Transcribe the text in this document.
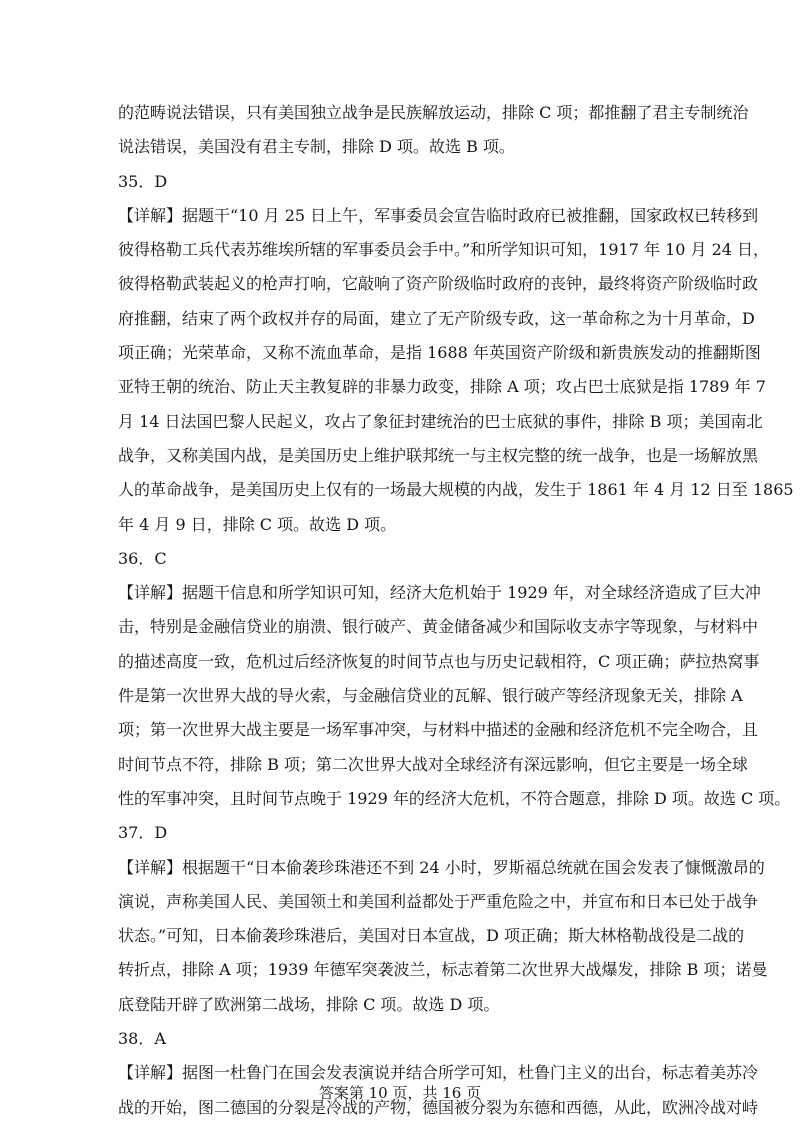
的范畴说法错误，只有美国独立战争是民族解放运动，排除 C 项；都推翻了君主专制统治
说法错误，美国没有君主专制，排除 D 项。故选 B 项。
35．D
【详解】据题干“10 月 25 日上午，军事委员会宣告临时政府已被推翻，国家政权已转移到
彼得格勒工兵代表苏维埃所辖的军事委员会手中。”和所学知识可知，1917 年 10 月 24 日，
彼得格勒武装起义的枪声打响，它敲响了资产阶级临时政府的丧钟，最终将资产阶级临时政
府推翻，结束了两个政权并存的局面，建立了无产阶级专政，这一革命称之为十月革命，D
项正确；光荣革命，又称不流血革命，是指 1688 年英国资产阶级和新贵族发动的推翻斯图
亚特王朝的统治、防止天主教复辟的非暴力政变，排除 A 项；攻占巴士底狱是指 1789 年 7
月 14 日法国巴黎人民起义，攻占了象征封建统治的巴士底狱的事件，排除 B 项；美国南北
战争，又称美国内战，是美国历史上维护联邦统一与主权完整的统一战争，也是一场解放黑
人的革命战争，是美国历史上仅有的一场最大规模的内战，发生于 1861 年 4 月 12 日至 1865
年 4 月 9 日，排除 C 项。故选 D 项。
36．C
【详解】据题干信息和所学知识可知，经济大危机始于 1929 年，对全球经济造成了巨大冲
击，特别是金融信贷业的崩溃、银行破产、黄金储备减少和国际收支赤字等现象，与材料中
的描述高度一致，危机过后经济恢复的时间节点也与历史记载相符，C 项正确；萨拉热窝事
件是第一次世界大战的导火索，与金融信贷业的瓦解、银行破产等经济现象无关，排除 A
项；第一次世界大战主要是一场军事冲突，与材料中描述的金融和经济危机不完全吻合，且
时间节点不符，排除 B 项；第二次世界大战对全球经济有深远影响，但它主要是一场全球
性的军事冲突，且时间节点晚于 1929 年的经济大危机，不符合题意，排除 D 项。故选 C 项。
37．D
【详解】根据题干“日本偷袭珍珠港还不到 24 小时，罗斯福总统就在国会发表了慷慨激昂的
演说，声称美国人民、美国领土和美国利益都处于严重危险之中，并宣布和日本已处于战争
状态。”可知，日本偷袭珍珠港后，美国对日本宣战，D 项正确；斯大林格勒战役是二战的
转折点，排除 A 项；1939 年德军突袭波兰，标志着第二次世界大战爆发，排除 B 项；诺曼
底登陆开辟了欧洲第二战场，排除 C 项。故选 D 项。
38．A
【详解】据图一杜鲁门在国会发表演说并结合所学可知，杜鲁门主义的出台，标志着美苏冷
战的开始，图二德国的分裂是冷战的产物，德国被分裂为东德和西德，从此，欧洲冷战对峙
答案第 10 页，共 16 页
